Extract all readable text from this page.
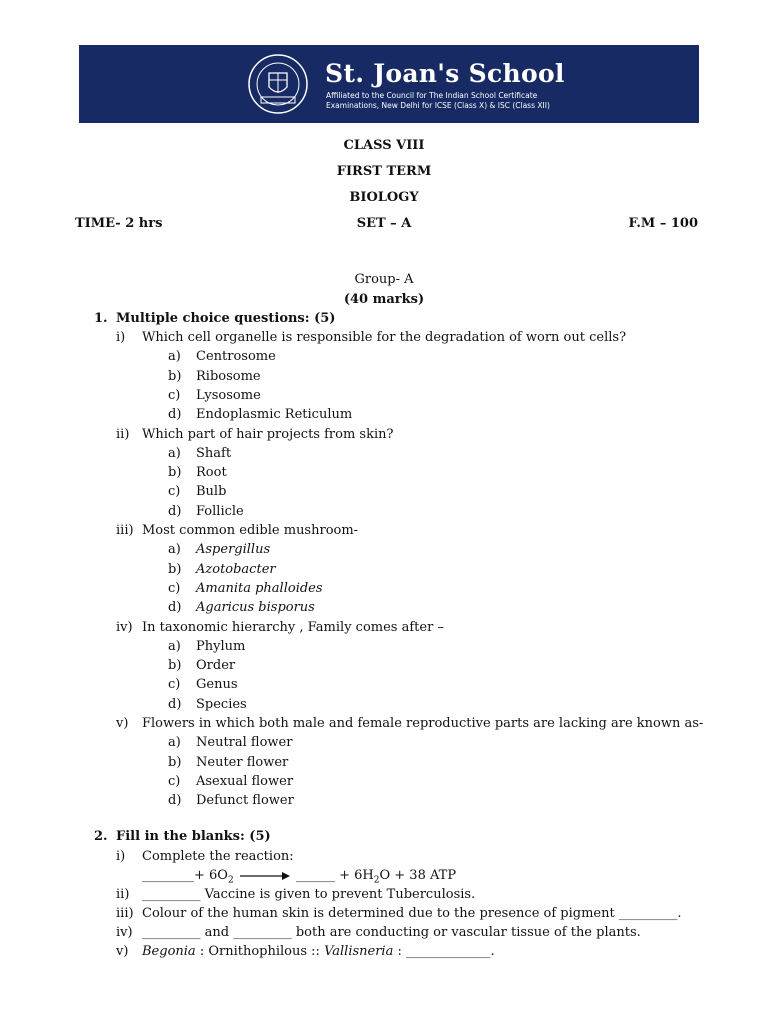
St. Joan's School
Affiliated to the Council for The Indian School Certificate
Examinations, New Delhi for ICSE (Class X) & ISC (Class XII)
CLASS VIII
FIRST TERM
BIOLOGY
TIME- 2 hrs	SET – A	F.M – 100
Group- A
(40 marks)
1. Multiple choice questions: (5)
i) Which cell organelle is responsible for the degradation of worn out cells?
a) Centrosome
b) Ribosome
c) Lysosome
d) Endoplasmic Reticulum
ii) Which part of hair projects from skin?
a) Shaft
b) Root
c) Bulb
d) Follicle
iii) Most common edible mushroom-
a) Aspergillus
b) Azotobacter
c) Amanita phalloides
d) Agaricus bisporus
iv) In taxonomic hierarchy , Family comes after –
a) Phylum
b) Order
c) Genus
d) Species
v) Flowers in which both male and female reproductive parts are lacking are known as-
a) Neutral flower
b) Neuter flower
c) Asexual flower
d) Defunct flower
2. Fill in the blanks: (5)
i) Complete the reaction:
________+ $6O_2$	______ + $6H_2O + 38$ ATP
ii) _________ Vaccine is given to prevent Tuberculosis.
iii) Colour of the human skin is determined due to the presence of pigment _________.
iv) _________ and _________ both are conducting or vascular tissue of the plants.
v) Begonia : Ornithophilous :: Vallisneria : _____________.
